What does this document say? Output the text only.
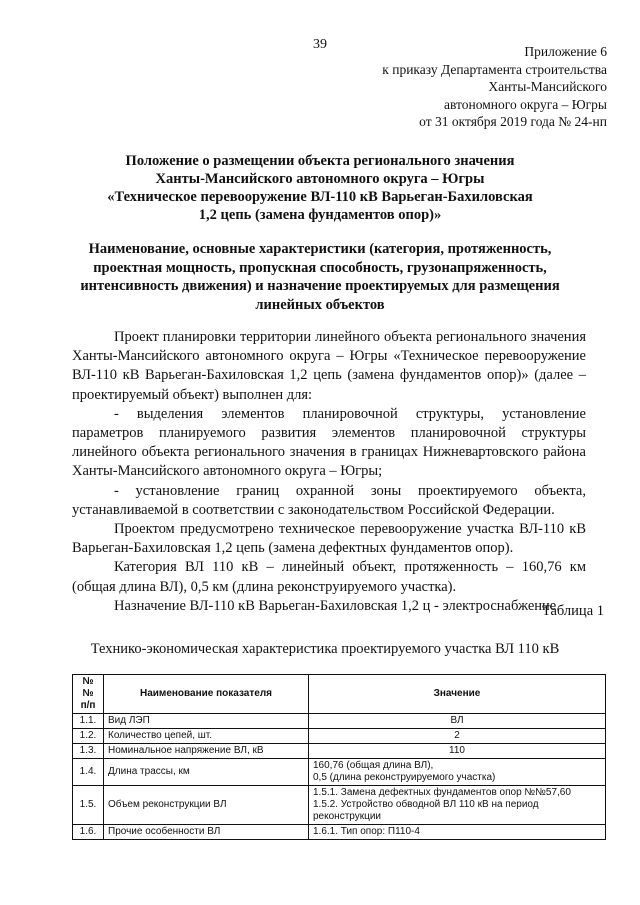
39	Приложение 6
к приказу Департамента строительства
Ханты-Мансийского
автономного округа – Югры
от 31 октября 2019 года № 24-нп
Положение о размещении объекта регионального значения
Ханты-Мансийского автономного округа – Югры
«Техническое перевооружение ВЛ-110 кВ Варьеган-Бахиловская
1,2 цепь (замена фундаментов опор)»
Наименование, основные характеристики (категория, протяженность,
проектная мощность, пропускная способность, грузонапряженность,
интенсивность движения) и назначение проектируемых для размещения
линейных объектов

Проект планировки территории линейного объекта регионального значения Ханты-Мансийского автономного округа – Югры «Техническое перевооружение ВЛ-110 кВ Варьеган-Бахиловская 1,2 цепь (замена фундаментов опор)» (далее – проектируемый объект) выполнен для:

- выделения элементов планировочной структуры, установление параметров планируемого развития элементов планировочной структуры линейного объекта регионального значения в границах Нижневартовского района Ханты-Мансийского автономного округа – Югры;

- установление границ охранной зоны проектируемого объекта, устанавливаемой в соответствии с законодательством Российской Федерации.

Проектом предусмотрено техническое перевооружение участка ВЛ-110 кВ Варьеган-Бахиловская 1,2 цепь (замена дефектных фундаментов опор).

Категория ВЛ 110 кВ – линейный объект, протяженность – 160,76 км (общая длина ВЛ), 0,5 км (длина реконструируемого участка).

Назначение ВЛ-110 кВ Варьеган-Бахиловская 1,2 ц - электроснабжение.

Таблица 1
Технико-экономическая характеристика проектируемого участка ВЛ 110 кВ
№№ п/п	Наименование показателя	Значение
1.1.	Вид ЛЭП	ВЛ
1.2.	Количество цепей, шт.	2
1.3.	Номинальное напряжение ВЛ, кВ	110
1.4.	Длина трассы, км	160,76 (общая длина ВЛ),
0,5 (длина реконструируемого участка)

1.5.	Объем реконструкции ВЛ	1.5.1. Замена дефектных фундаментов опор №№57,60
1.5.2. Устройство обводной ВЛ 110 кВ на период реконструкции

1.6.	Прочие особенности ВЛ	1.6.1. Тип опор: П110-4
